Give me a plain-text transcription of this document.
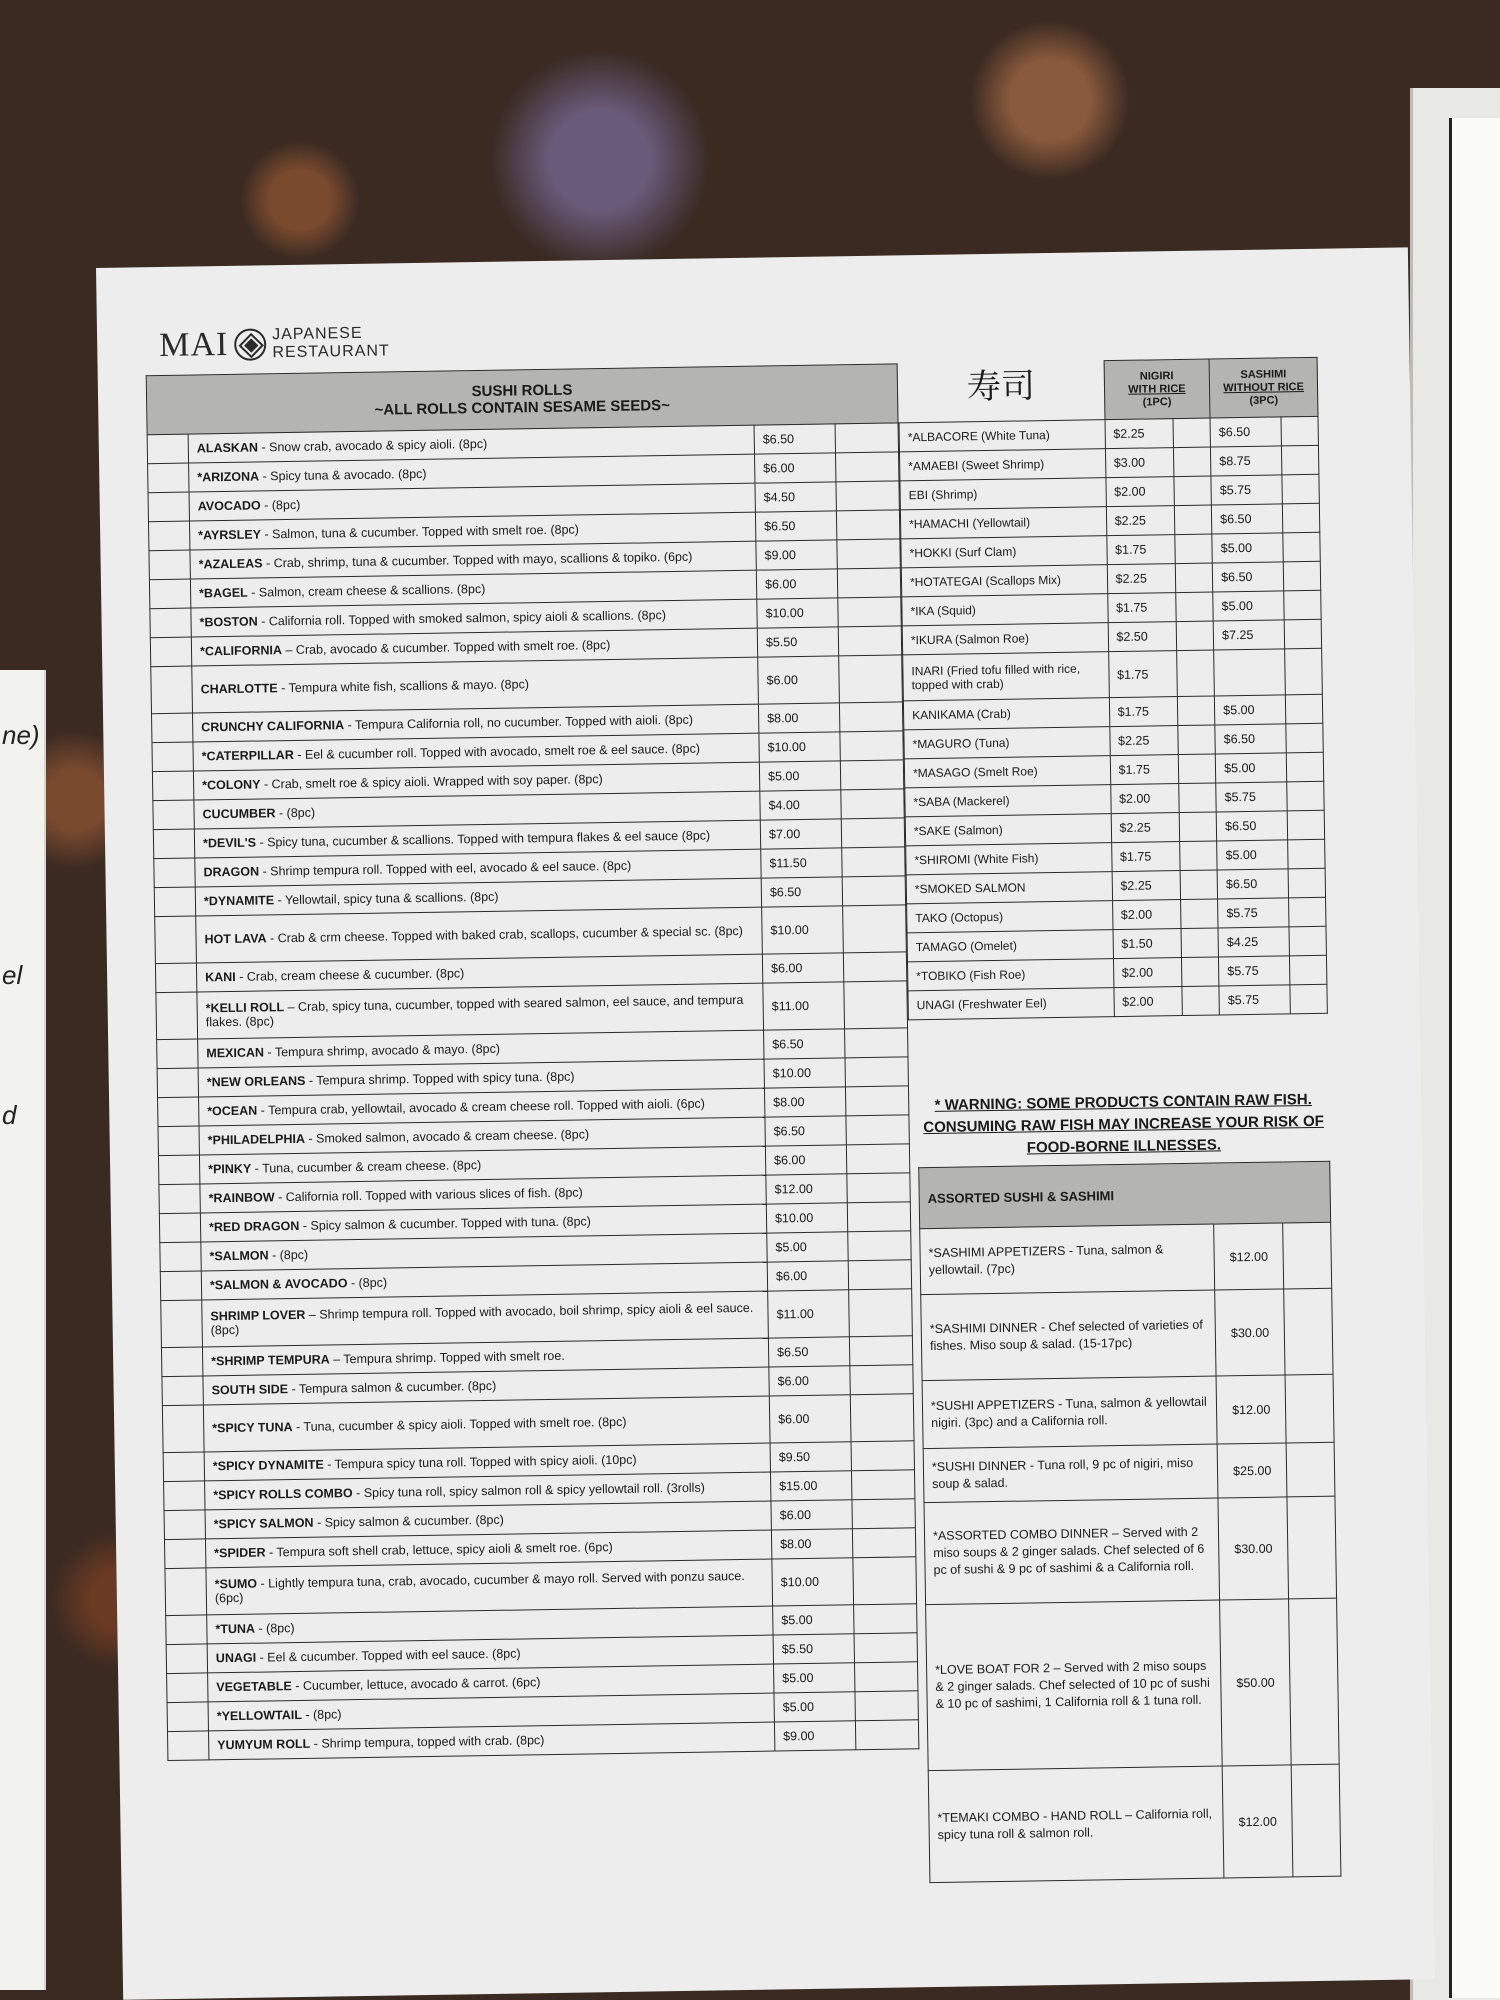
ne)
el
d
MAI	JAPANESE
RESTAURANT
SUSHI ROLLS
~ALL ROLLS CONTAIN SESAME SEEDS~			
	ALASKAN - Snow crab, avocado & spicy aioli. (8pc)	$6.50	
	*ARIZONA - Spicy tuna & avocado. (8pc)	$6.00	
	AVOCADO - (8pc)	$4.50	
	*AYRSLEY - Salmon, tuna & cucumber. Topped with smelt roe. (8pc)	$6.50	
	*AZALEAS - Crab, shrimp, tuna & cucumber. Topped with mayo, scallions & topiko. (6pc)	$9.00	
	*BAGEL - Salmon, cream cheese & scallions. (8pc)	$6.00	
	*BOSTON - California roll. Topped with smoked salmon, spicy aioli & scallions. (8pc)	$10.00	
	*CALIFORNIA – Crab, avocado & cucumber. Topped with smelt roe. (8pc)	$5.50	
	CHARLOTTE - Tempura white fish, scallions & mayo. (8pc)	$6.00	
	CRUNCHY CALIFORNIA - Tempura California roll, no cucumber. Topped with aioli. (8pc)	$8.00	
	*CATERPILLAR - Eel & cucumber roll. Topped with avocado, smelt roe & eel sauce. (8pc)	$10.00	
	*COLONY - Crab, smelt roe & spicy aioli. Wrapped with soy paper. (8pc)	$5.00	
	CUCUMBER - (8pc)	$4.00	
	*DEVIL'S - Spicy tuna, cucumber & scallions. Topped with tempura flakes & eel sauce (8pc)	$7.00	
	DRAGON - Shrimp tempura roll. Topped with eel, avocado & eel sauce. (8pc)	$11.50	
	*DYNAMITE - Yellowtail, spicy tuna & scallions. (8pc)	$6.50	
	HOT LAVA - Crab & crm cheese. Topped with baked crab, scallops, cucumber & special sc. (8pc)	$10.00	
	KANI - Crab, cream cheese & cucumber. (8pc)	$6.00	
	*KELLI ROLL – Crab, spicy tuna, cucumber, topped with seared salmon, eel sauce, and tempura flakes. (8pc)	$11.00	
	MEXICAN - Tempura shrimp, avocado & mayo. (8pc)	$6.50	
	*NEW ORLEANS - Tempura shrimp. Topped with spicy tuna. (8pc)	$10.00	
	*OCEAN - Tempura crab, yellowtail, avocado & cream cheese roll. Topped with aioli. (6pc)	$8.00	
	*PHILADELPHIA - Smoked salmon, avocado & cream cheese. (8pc)	$6.50	
	*PINKY - Tuna, cucumber & cream cheese. (8pc)	$6.00	
	*RAINBOW - California roll. Topped with various slices of fish. (8pc)	$12.00	
	*RED DRAGON - Spicy salmon & cucumber. Topped with tuna. (8pc)	$10.00	
	*SALMON - (8pc)	$5.00	
	*SALMON & AVOCADO - (8pc)	$6.00	
	SHRIMP LOVER – Shrimp tempura roll. Topped with avocado, boil shrimp, spicy aioli & eel sauce. (8pc)	$11.00	
	*SHRIMP TEMPURA – Tempura shrimp. Topped with smelt roe.	$6.50	
	SOUTH SIDE - Tempura salmon & cucumber. (8pc)	$6.00	
	*SPICY TUNA - Tuna, cucumber & spicy aioli. Topped with smelt roe. (8pc)	$6.00	
	*SPICY DYNAMITE - Tempura spicy tuna roll. Topped with spicy aioli. (10pc)	$9.50	
	*SPICY ROLLS COMBO - Spicy tuna roll, spicy salmon roll & spicy yellowtail roll. (3rolls)	$15.00	
	*SPICY SALMON - Spicy salmon & cucumber. (8pc)	$6.00	
	*SPIDER - Tempura soft shell crab, lettuce, spicy aioli & smelt roe. (6pc)	$8.00	
	*SUMO - Lightly tempura tuna, crab, avocado, cucumber & mayo roll. Served with ponzu sauce. (6pc)	$10.00	
	*TUNA - (8pc)	$5.00	
	UNAGI - Eel & cucumber. Topped with eel sauce. (8pc)	$5.50	
	VEGETABLE - Cucumber, lettuce, avocado & carrot. (6pc)	$5.00	
	*YELLOWTAIL - (8pc)	$5.00	
	YUMYUM ROLL - Shrimp tempura, topped with crab. (8pc)	$9.00	
寿司	NIGIRI
WITH RICE
(1PC)		SASHIMI
WITHOUT RICE
(3PC)	
*ALBACORE (White Tuna)	$2.25		$6.50	
*AMAEBI (Sweet Shrimp)	$3.00		$8.75	
EBI (Shrimp)	$2.00		$5.75	
*HAMACHI (Yellowtail)	$2.25		$6.50	
*HOKKI (Surf Clam)	$1.75		$5.00	
*HOTATEGAI (Scallops Mix)	$2.25		$6.50	
*IKA (Squid)	$1.75		$5.00	
*IKURA (Salmon Roe)	$2.50		$7.25	
INARI (Fried tofu filled with rice, topped with crab)	$1.75			
KANIKAMA (Crab)	$1.75		$5.00	
*MAGURO (Tuna)	$2.25		$6.50	
*MASAGO (Smelt Roe)	$1.75		$5.00	
*SABA (Mackerel)	$2.00		$5.75	
*SAKE (Salmon)	$2.25		$6.50	
*SHIROMI (White Fish)	$1.75		$5.00	
*SMOKED SALMON	$2.25		$6.50	
TAKO (Octopus)	$2.00		$5.75	
TAMAGO (Omelet)	$1.50		$4.25	
*TOBIKO (Fish Roe)	$2.00		$5.75	
UNAGI (Freshwater Eel)	$2.00		$5.75	
* WARNING: SOME PRODUCTS CONTAIN RAW FISH.
CONSUMING RAW FISH MAY INCREASE YOUR RISK OF
FOOD-BORNE ILLNESSES.
ASSORTED SUSHI & SASHIMI		
*SASHIMI APPETIZERS - Tuna, salmon & yellowtail. (7pc)	$12.00	
*SASHIMI DINNER - Chef selected of varieties of fishes. Miso soup & salad. (15-17pc)	$30.00	
*SUSHI APPETIZERS - Tuna, salmon & yellowtail nigiri. (3pc) and a California roll.	$12.00	
*SUSHI DINNER - Tuna roll, 9 pc of nigiri, miso soup & salad.	$25.00	
*ASSORTED COMBO DINNER – Served with 2 miso soups & 2 ginger salads. Chef selected of 6 pc of sushi & 9 pc of sashimi & a California roll.	$30.00	
*LOVE BOAT FOR 2 – Served with 2 miso soups & 2 ginger salads. Chef selected of 10 pc of sushi & 10 pc of sashimi, 1 California roll & 1 tuna roll.	$50.00	
*TEMAKI COMBO - HAND ROLL – California roll, spicy tuna roll & salmon roll.	$12.00	
